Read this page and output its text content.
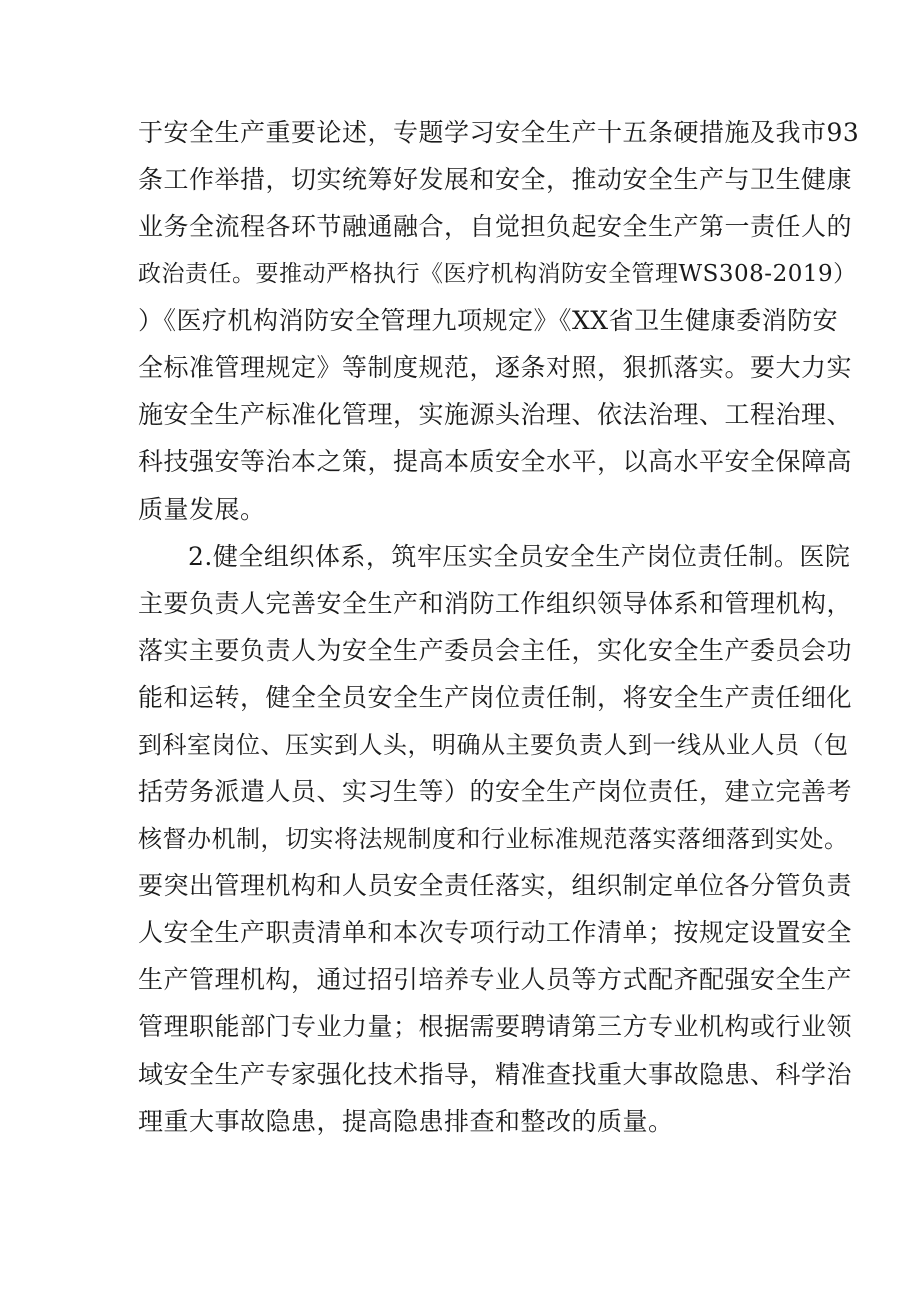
于安全生产重要论述，专题学习安全生产十五条硬措施及我市93
条工作举措，切实统筹好发展和安全，推动安全生产与卫生健康
业务全流程各环节融通融合，自觉担负起安全生产第一责任人的
政治责任。要推动严格执行《医疗机构消防安全管理WS308-2019）
）《医疗机构消防安全管理九项规定》《XX省卫生健康委消防安
全标准管理规定》等制度规范，逐条对照，狠抓落实。要大力实
施安全生产标准化管理，实施源头治理、依法治理、工程治理、
科技强安等治本之策，提高本质安全水平，以高水平安全保障高
质量发展。
2.健全组织体系，筑牢压实全员安全生产岗位责任制。医院
主要负责人完善安全生产和消防工作组织领导体系和管理机构，
落实主要负责人为安全生产委员会主任，实化安全生产委员会功
能和运转，健全全员安全生产岗位责任制，将安全生产责任细化
到科室岗位、压实到人头，明确从主要负责人到一线从业人员（包
括劳务派遣人员、实习生等）的安全生产岗位责任，建立完善考
核督办机制，切实将法规制度和行业标准规范落实落细落到实处。
要突出管理机构和人员安全责任落实，组织制定单位各分管负责
人安全生产职责清单和本次专项行动工作清单；按规定设置安全
生产管理机构，通过招引培养专业人员等方式配齐配强安全生产
管理职能部门专业力量；根据需要聘请第三方专业机构或行业领
域安全生产专家强化技术指导，精准查找重大事故隐患、科学治
理重大事故隐患，提高隐患排查和整改的质量。
